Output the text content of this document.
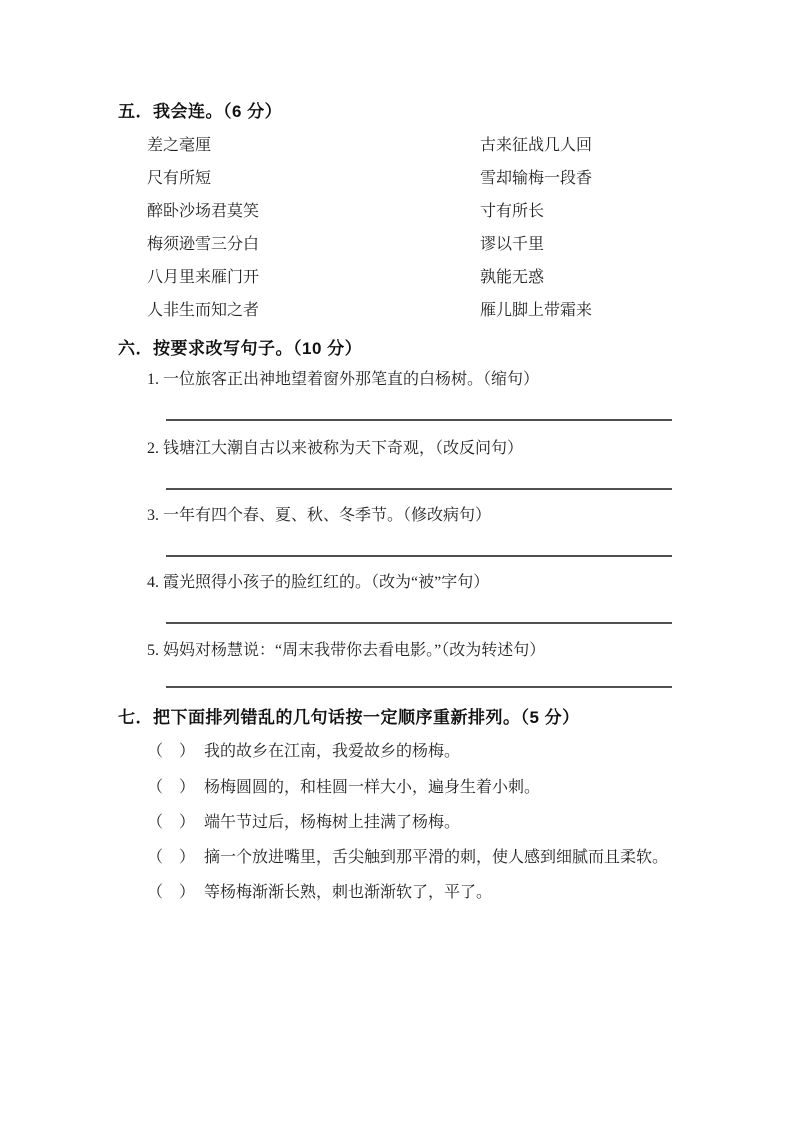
五．我会连。（6 分）
差之毫厘	古来征战几人回
尺有所短	雪却输梅一段香
醉卧沙场君莫笑	寸有所长
梅须逊雪三分白	谬以千里
八月里来雁门开	孰能无惑
人非生而知之者	雁儿脚上带霜来
六．按要求改写句子。（10 分）
1. 一位旅客正出神地望着窗外那笔直的白杨树。（缩句）
2. 钱塘江大潮自古以来被称为天下奇观，（改反问句）
3. 一年有四个春、夏、秋、冬季节。（修改病句）
4. 霞光照得小孩子的脸红红的。（改为“被”字句）
5. 妈妈对杨慧说：“周末我带你去看电影。”（改为转述句）
七．把下面排列错乱的几句话按一定顺序重新排列。（5 分）
（　） 我的故乡在江南，我爱故乡的杨梅。
（　） 杨梅圆圆的，和桂圆一样大小，遍身生着小刺。
（　） 端午节过后，杨梅树上挂满了杨梅。
（　） 摘一个放进嘴里，舌尖触到那平滑的刺，使人感到细腻而且柔软。
（　） 等杨梅渐渐长熟，刺也渐渐软了，平了。
